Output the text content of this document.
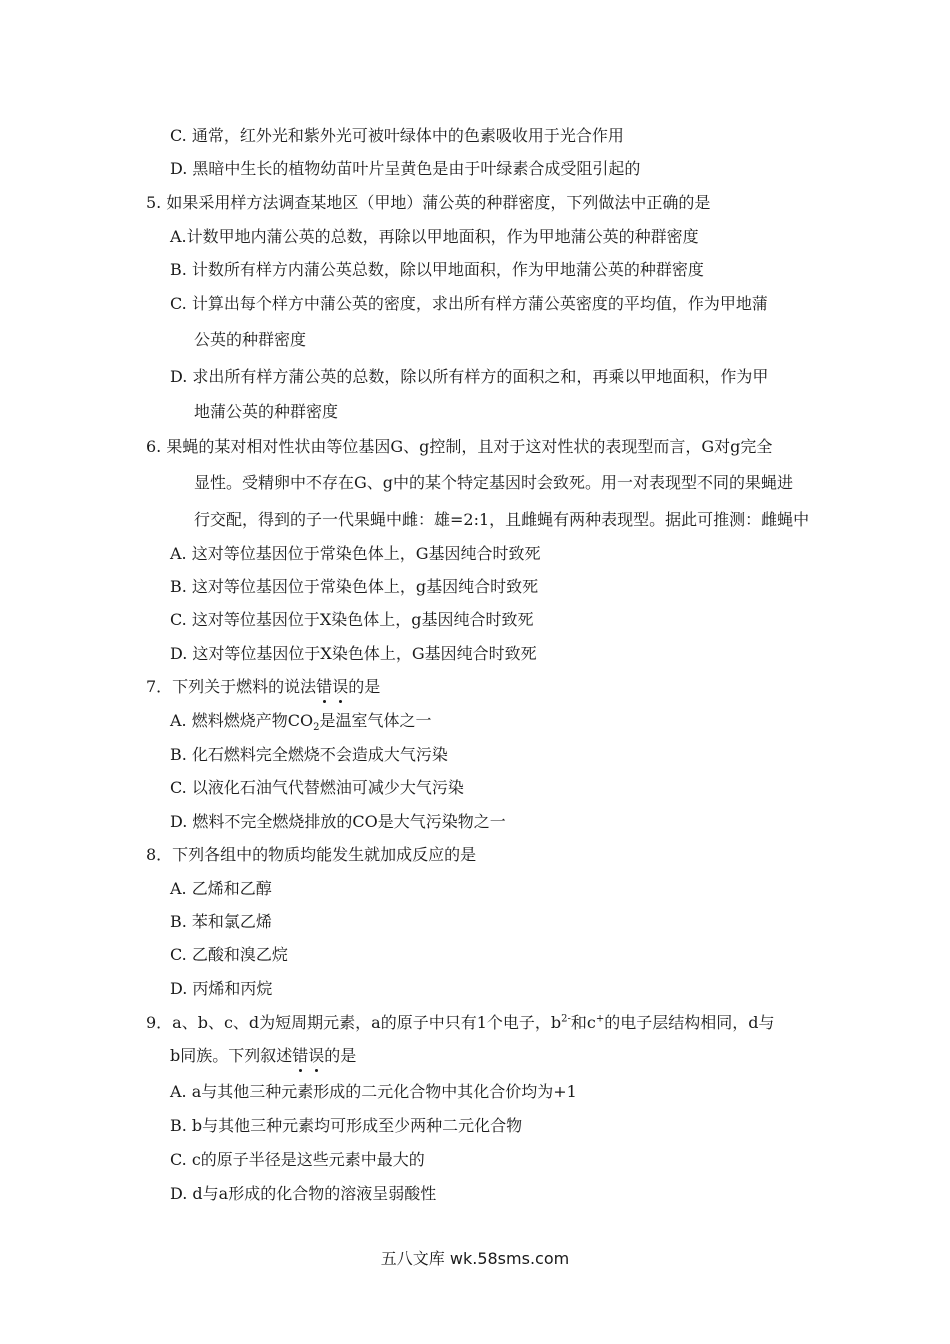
C. 通常，红外光和紫外光可被叶绿体中的色素吸收用于光合作用
D. 黑暗中生长的植物幼苗叶片呈黄色是由于叶绿素合成受阻引起的
5. 如果采用样方法调查某地区（甲地）蒲公英的种群密度，下列做法中正确的是
A.计数甲地内蒲公英的总数，再除以甲地面积，作为甲地蒲公英的种群密度
B. 计数所有样方内蒲公英总数，除以甲地面积，作为甲地蒲公英的种群密度
C. 计算出每个样方中蒲公英的密度，求出所有样方蒲公英密度的平均值，作为甲地蒲
公英的种群密度
D. 求出所有样方蒲公英的总数，除以所有样方的面积之和，再乘以甲地面积，作为甲
地蒲公英的种群密度
6. 果蝇的某对相对性状由等位基因G、g控制，且对于这对性状的表现型而言，G对g完全
显性。受精卵中不存在G、g中的某个特定基因时会致死。用一对表现型不同的果蝇进
行交配，得到的子一代果蝇中雌：雄=2:1，且雌蝇有两种表现型。据此可推测：雌蝇中
A. 这对等位基因位于常染色体上，G基因纯合时致死
B. 这对等位基因位于常染色体上，g基因纯合时致死
C. 这对等位基因位于X染色体上，g基因纯合时致死
D. 这对等位基因位于X染色体上，G基因纯合时致死
7．下列关于燃料的说法错误的是
A. 燃料燃烧产物$CO_2$是温室气体之一
B. 化石燃料完全燃烧不会造成大气污染
C. 以液化石油气代替燃油可减少大气污染
D. 燃料不完全燃烧排放的CO是大气污染物之一
8．下列各组中的物质均能发生就加成反应的是
A. 乙烯和乙醇
B. 苯和氯乙烯
C. 乙酸和溴乙烷
D. 丙烯和丙烷
9．a、b、c、d为短周期元素，a的原子中只有1个电子，$b^{2-}$和c+的电子层结构相同，d与
b同族。下列叙述错误的是
A. a与其他三种元素形成的二元化合物中其化合价均为+1
B. b与其他三种元素均可形成至少两种二元化合物
C. c的原子半径是这些元素中最大的
D. d与a形成的化合物的溶液呈弱酸性
五八文库 wk.58sms.com
